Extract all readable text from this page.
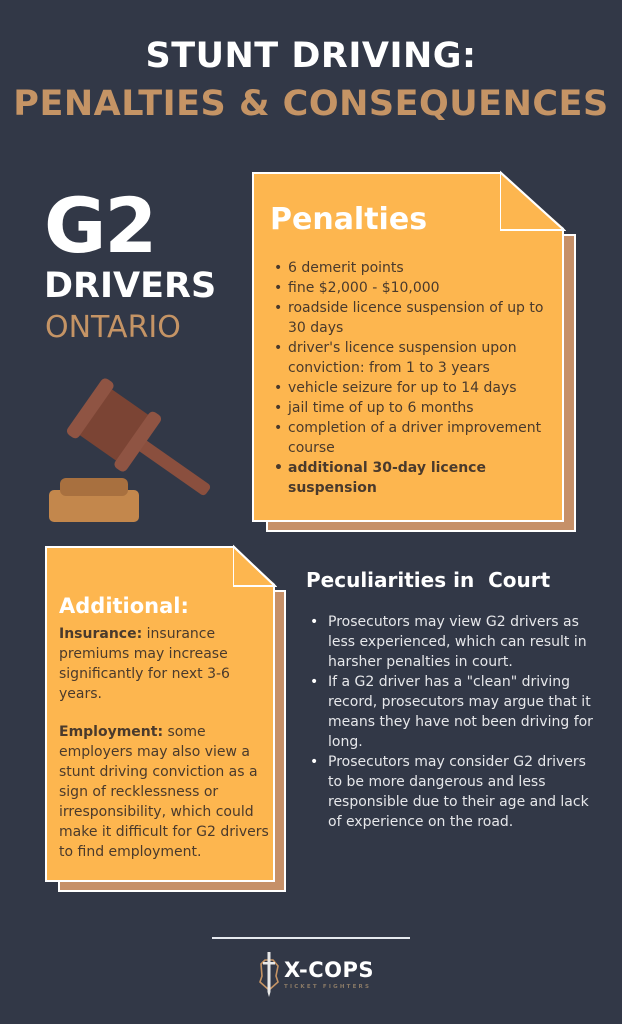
STUNT DRIVING:
PENALTIES & CONSEQUENCES
G2
DRIVERS
ONTARIO
Penalties
• 6 demerit points
• fine $2,000 - $10,000
• roadside licence suspension of up to 30 days
• driver's licence suspension upon conviction: from 1 to 3 years
• vehicle seizure for up to 14 days
• jail time of up to 6 months
• completion of a driver improvement course
• additional 30-day licence suspension
Additional:
Insurance: insurance premiums may increase significantly for next 3-6 years.
Employment: some employers may also view a stunt driving conviction as a sign of recklessness or irresponsibility, which could make it difficult for G2 drivers to find employment.
Peculiarities in  Court
• Prosecutors may view G2 drivers as less experienced, which can result in harsher penalties in court.
• If a G2 driver has a "clean" driving record, prosecutors may argue that it means they have not been driving for long.
• Prosecutors may consider G2 drivers to be more dangerous and less responsible due to their age and lack of experience on the road.
X-COPS
TICKET FIGHTERS
